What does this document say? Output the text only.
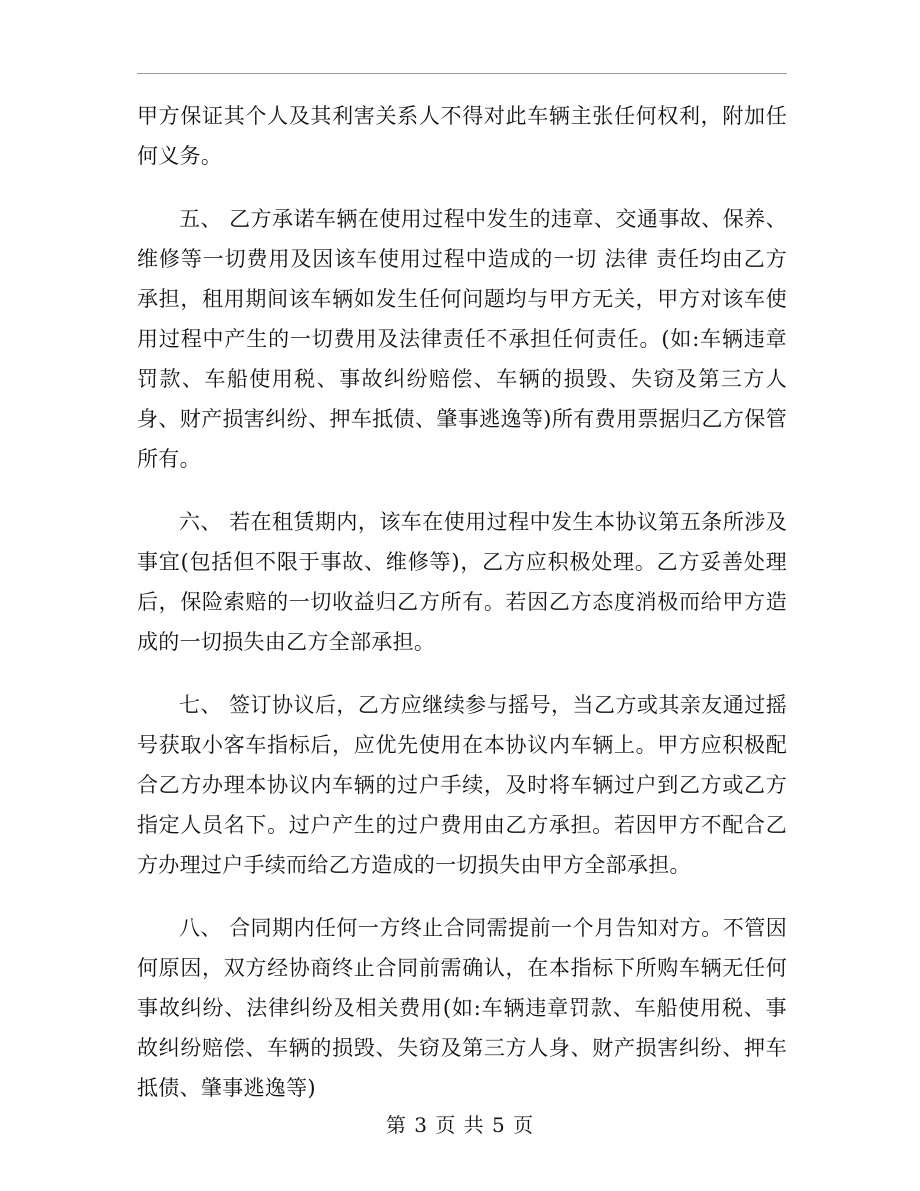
甲方保证其个人及其利害关系人不得对此车辆主张任何权利，附加任何义务。

五、 乙方承诺车辆在使用过程中发生的违章、交通事故、保养、维修等一切费用及因该车使用过程中造成的一切 法律 责任均由乙方承担，租用期间该车辆如发生任何问题均与甲方无关，甲方对该车使用过程中产生的一切费用及法律责任不承担任何责任。(如:车辆违章罚款、车船使用税、事故纠纷赔偿、车辆的损毁、失窃及第三方人身、财产损害纠纷、押车抵债、肇事逃逸等)所有费用票据归乙方保管所有。

六、 若在租赁期内，该车在使用过程中发生本协议第五条所涉及事宜(包括但不限于事故、维修等)，乙方应积极处理。乙方妥善处理后，保险索赔的一切收益归乙方所有。若因乙方态度消极而给甲方造成的一切损失由乙方全部承担。

七、 签订协议后，乙方应继续参与摇号，当乙方或其亲友通过摇号获取小客车指标后，应优先使用在本协议内车辆上。甲方应积极配合乙方办理本协议内车辆的过户手续，及时将车辆过户到乙方或乙方指定人员名下。过户产生的过户费用由乙方承担。若因甲方不配合乙方办理过户手续而给乙方造成的一切损失由甲方全部承担。

八、 合同期内任何一方终止合同需提前一个月告知对方。不管因何原因，双方经协商终止合同前需确认，在本指标下所购车辆无任何事故纠纷、法律纠纷及相关费用(如:车辆违章罚款、车船使用税、事故纠纷赔偿、车辆的损毁、失窃及第三方人身、财产损害纠纷、押车抵债、肇事逃逸等)

第 3 页 共 5 页
